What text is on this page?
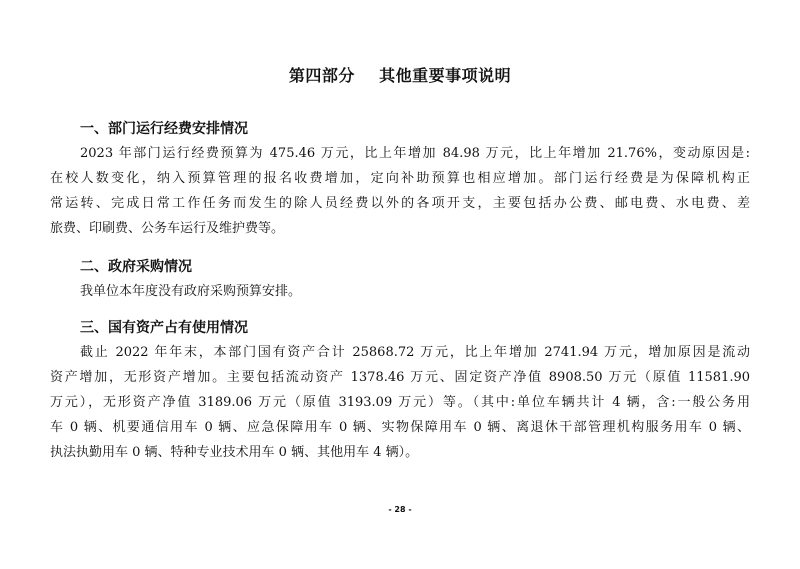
第四部分    其他重要事项说明
一、部门运行经费安排情况
2023 年部门运行经费预算为 475.46 万元，比上年增加 84.98 万元，比上年增加 21.76%，变动原因是:
在校人数变化，纳入预算管理的报名收费增加，定向补助预算也相应增加。部门运行经费是为保障机构正
常运转、完成日常工作任务而发生的除人员经费以外的各项开支，主要包括办公费、邮电费、水电费、差
旅费、印刷费、公务车运行及维护费等。
二、政府采购情况
我单位本年度没有政府采购预算安排。
三、国有资产占有使用情况
截止 2022 年年末，本部门国有资产合计 25868.72 万元，比上年增加 2741.94 万元，增加原因是流动
资产增加，无形资产增加。主要包括流动资产 1378.46 万元、固定资产净值 8908.50 万元（原值 11581.90
万元），无形资产净值 3189.06 万元（原值 3193.09 万元）等。（其中:单位车辆共计 4 辆，含:一般公务用
车 0 辆、机要通信用车 0 辆、应急保障用车 0 辆、实物保障用车 0 辆、离退休干部管理机构服务用车 0 辆、
执法执勤用车 0 辆、特种专业技术用车 0 辆、其他用车 4 辆）。
- 28 -
